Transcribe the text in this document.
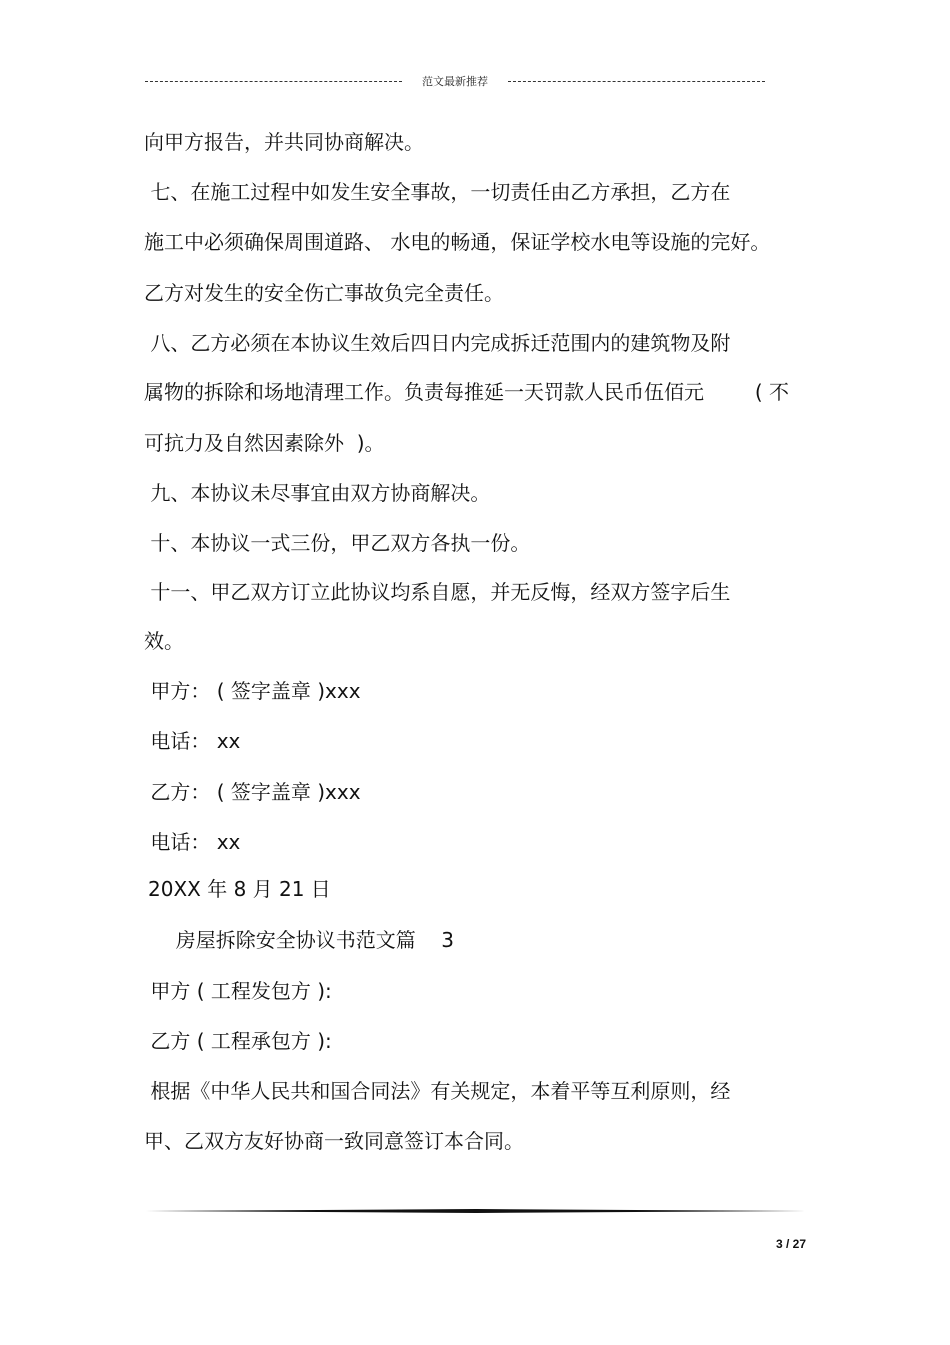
范文最新推荐
向甲方报告，并共同协商解决。
七、在施工过程中如发生安全事故，一切责任由乙方承担，乙方在
施工中必须确保周围道路、 水电的畅通，保证学校水电等设施的完好。
乙方对发生的安全伤亡事故负完全责任。
八、乙方必须在本协议生效后四日内完成拆迁范围内的建筑物及附
属物的拆除和场地清理工作。负责每推延一天罚款人民币伍佰元        ( 不
可抗力及自然因素除外  )。
九、本协议未尽事宜由双方协商解决。
十、本协议一式三份，甲乙双方各执一份。
十一、甲乙双方订立此协议均系自愿，并无反悔，经双方签字后生
效。
甲方： ( 签字盖章 )xxx
电话： xx
乙方： ( 签字盖章 )xxx
电话： xx
20XX 年 8 月 21 日
房屋拆除安全协议书范文篇    3
甲方 ( 工程发包方 ):
乙方 ( 工程承包方 ):
根据《中华人民共和国合同法》有关规定，本着平等互利原则，经
甲、乙双方友好协商一致同意签订本合同。
3 / 27
